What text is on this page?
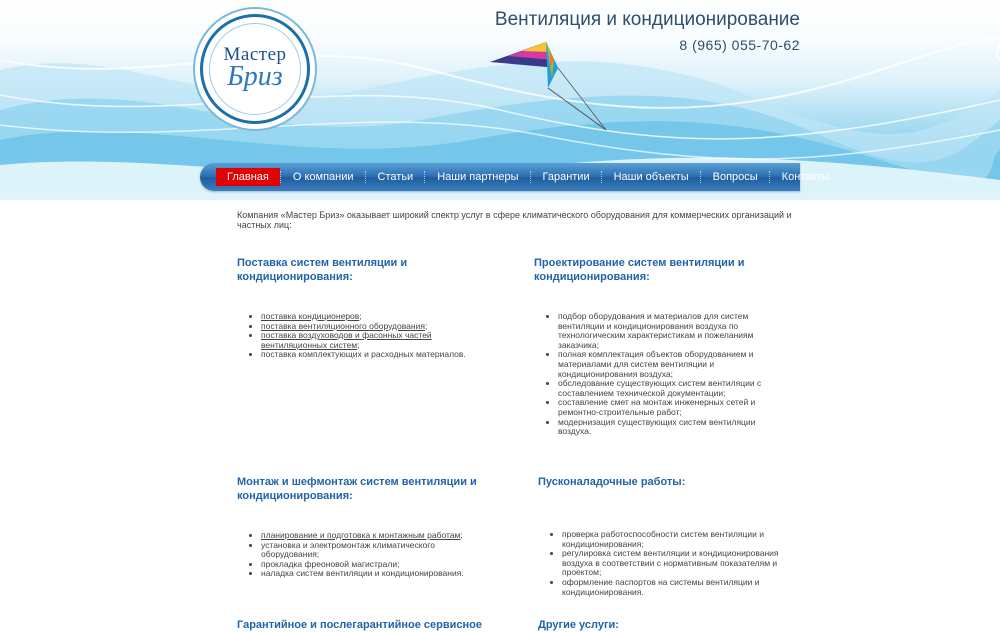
Мастер
Бриз
Вентиляция и кондиционирование
8 (965) 055-70-62
Главная	О компании	Статьи	Наши партнеры	Гарантии	Наши объекты	Вопросы	Контакты
Компания «Мастер Бриз» оказывает широкий спектр услуг в сфере климатического оборудования для коммерческих организаций и частных лиц:
Поставка систем вентиляции и кондиционирования:
• поставка кондиционеров;
• поставка вентиляционного оборудования;
• поставка воздуховодов и фасонных частей вентиляционных систем;
• поставка комплектующих и расходных материалов.
Проектирование систем вентиляции и кондиционирования:
• подбор оборудования и материалов для систем вентиляции и кондиционирования воздуха по технологическим характеристикам и пожеланиям заказчика;
• полная комплектация объектов оборудованием и материалами для систем вентиляции и кондиционирования воздуха;
• обследование существующих систем вентиляции с составлением технической документации;
• составление смет на монтаж инженерных сетей и ремонтно-строительные работ;
• модернизация существующих систем вентиляции воздуха.
Монтаж и шефмонтаж систем вентиляции и кондиционирования:
• планирование и подготовка к монтажным работам;
• установка и электромонтаж климатического оборудования;
• прокладка фреоновой магистрали;
• наладка систем вентиляции и кондиционирования.
Пусконаладочные работы:
• проверка работоспособности систем вентиляции и кондиционирования;
• регулировка систем вентиляции и кондиционирования воздуха в соответствии с нормативным показателям и проектом;
• оформление паспортов на системы вентиляции и кондиционирования.
Гарантийное и послегарантийное сервисное	Другие услуги:
